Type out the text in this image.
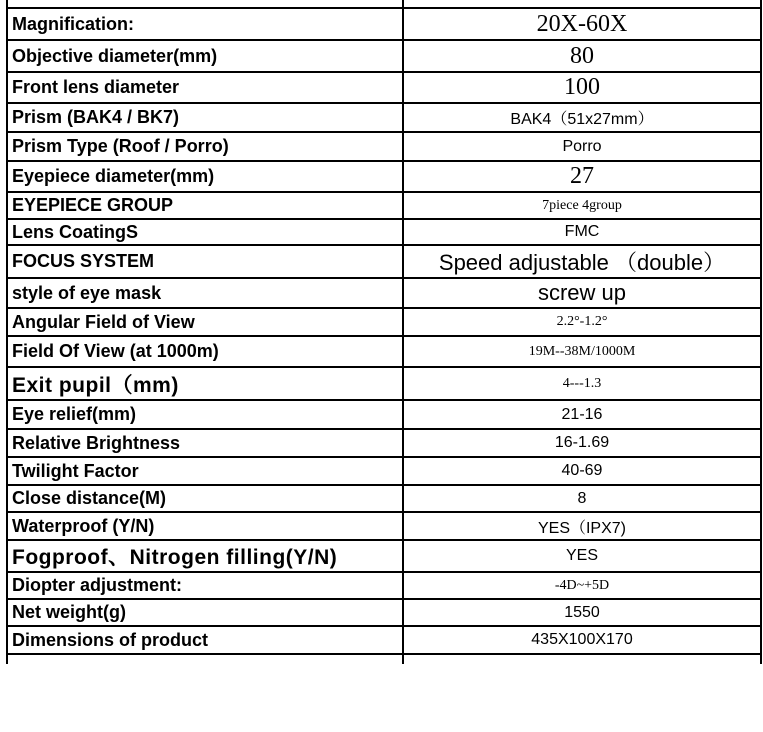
Magnification:	20X-60X
Objective diameter(mm)	80
Front lens diameter	100
Prism (BAK4 / BK7)	BAK4（51x27mm）
Prism Type (Roof / Porro)	Porro
Eyepiece diameter(mm)	27
EYEPIECE GROUP	7piece 4group
Lens CoatingS	FMC
FOCUS SYSTEM	Speed adjustable （double）
style of eye mask	screw up
Angular Field of View	2.2°-1.2°
Field Of View (at 1000m)	19M--38M/1000M
Exit pupil（mm)	4---1.3
Eye relief(mm)	21-16
Relative Brightness	16-1.69
Twilight Factor	40-69
Close distance(M)	8
Waterproof (Y/N)	YES（IPX7)
Fogproof、Nitrogen filling(Y/N)	YES
Diopter adjustment:	-4D~+5D
Net weight(g)	1550
Dimensions of product	435X100X170
